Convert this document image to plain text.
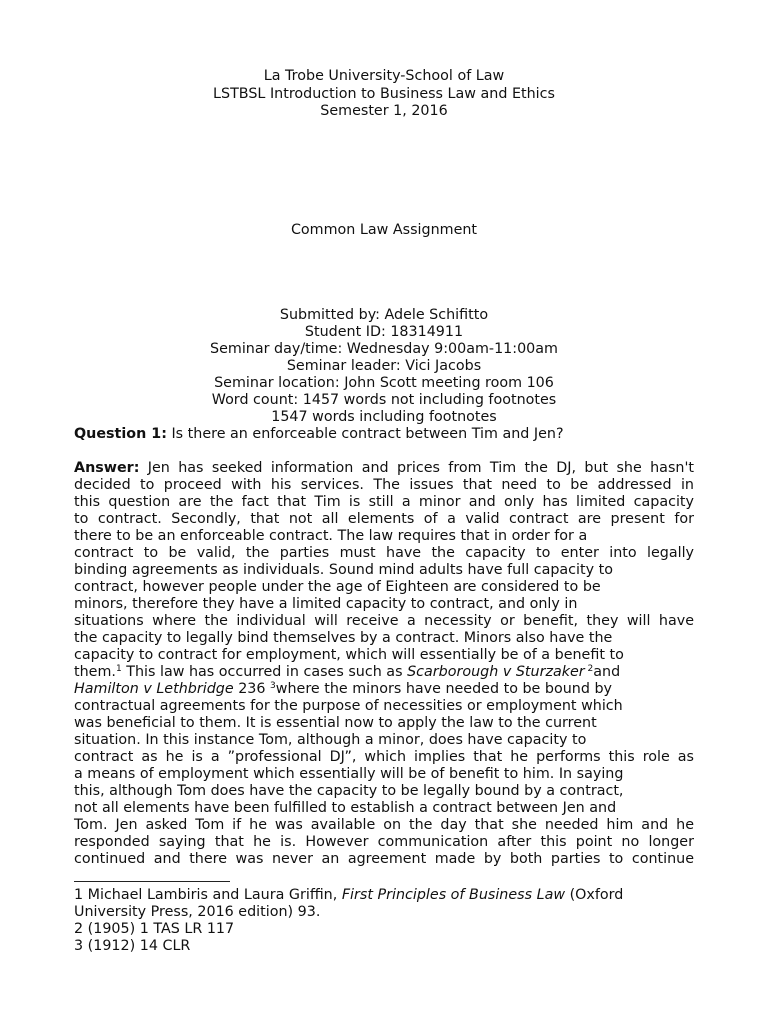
La Trobe University-School of Law
LSTBSL Introduction to Business Law and Ethics
Semester 1, 2016
Common Law Assignment
Submitted by: Adele Schifitto
Student ID: 18314911
Seminar day/time: Wednesday 9:00am-11:00am
Seminar leader: Vici Jacobs
Seminar location: John Scott meeting room 106
Word count: 1457 words not including footnotes
1547 words including footnotes
Question 1: Is there an enforceable contract between Tim and Jen?
Answer: Jen has seeked information and prices from Tim the DJ, but she hasn't
decided to proceed with his services. The issues that need to be addressed in
this question are the fact that Tim is still a minor and only has limited capacity
to contract. Secondly, that not all elements of a valid contract are present for
there to be an enforceable contract. The law requires that in order for a
contract to be valid, the parties must have the capacity to enter into legally
binding agreements as individuals. Sound mind adults have full capacity to
contract, however people under the age of Eighteen are considered to be
minors, therefore they have a limited capacity to contract, and only in
situations where the individual will receive a necessity or benefit, they will have
the capacity to legally bind themselves by a contract. Minors also have the
capacity to contract for employment, which will essentially be of a benefit to
them.$^1$ This law has occurred in cases such as Scarborough v Sturzaker $^2$and
Hamilton v Lethbridge 236 $^3$where the minors have needed to be bound by
contractual agreements for the purpose of necessities or employment which
was beneficial to them. It is essential now to apply the law to the current
situation. In this instance Tom, although a minor, does have capacity to
contract as he is a ”professional DJ”, which implies that he performs this role as
a means of employment which essentially will be of benefit to him. In saying
this, although Tom does have the capacity to be legally bound by a contract,
not all elements have been fulfilled to establish a contract between Jen and
Tom. Jen asked Tom if he was available on the day that she needed him and he
responded saying that he is. However communication after this point no longer
continued and there was never an agreement made by both parties to continue
1 Michael Lambiris and Laura Griffin, First Principles of Business Law (Oxford
University Press, 2016 edition) 93.
2 (1905) 1 TAS LR 117
3 (1912) 14 CLR
